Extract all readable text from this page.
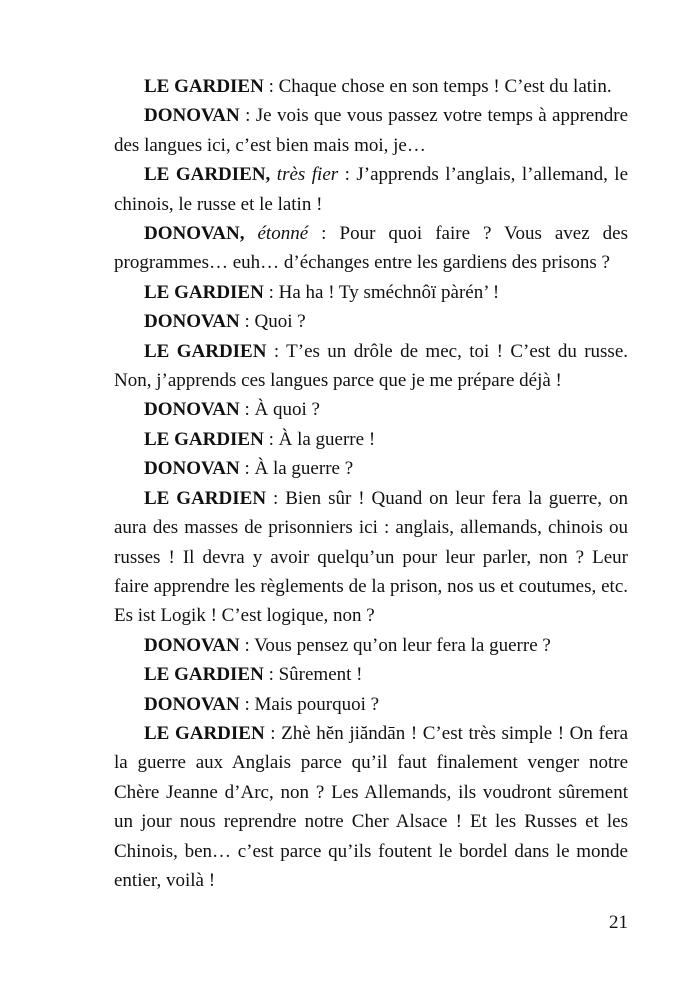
LE GARDIEN : Chaque chose en son temps ! C’est du latin.

DONOVAN : Je vois que vous passez votre temps à apprendre des langues ici, c’est bien mais moi, je…

LE GARDIEN, très fier : J’apprends l’anglais, l’allemand, le chinois, le russe et le latin !

DONOVAN, étonné : Pour quoi faire ? Vous avez des programmes… euh… d’échanges entre les gardiens des prisons ?

LE GARDIEN : Ha ha ! Ty sméchnôï pàrén’ !

DONOVAN : Quoi ?

LE GARDIEN : T’es un drôle de mec, toi ! C’est du russe. Non, j’apprends ces langues parce que je me prépare déjà !

DONOVAN : À quoi ?

LE GARDIEN : À la guerre !

DONOVAN : À la guerre ?

LE GARDIEN : Bien sûr ! Quand on leur fera la guerre, on aura des masses de prisonniers ici : anglais, allemands, chinois ou russes ! Il devra y avoir quelqu’un pour leur parler, non ? Leur faire apprendre les règlements de la prison, nos us et coutumes, etc. Es ist Logik ! C’est logique, non ?

DONOVAN : Vous pensez qu’on leur fera la guerre ?

LE GARDIEN : Sûrement !

DONOVAN : Mais pourquoi ?

LE GARDIEN : Zhè hĕn jiăndān ! C’est très simple ! On fera la guerre aux Anglais parce qu’il faut finalement venger notre Chère Jeanne d’Arc, non ? Les Allemands, ils voudront sûrement un jour nous reprendre notre Cher Alsace ! Et les Russes et les Chinois, ben… c’est parce qu’ils foutent le bordel dans le monde entier, voilà !

21
